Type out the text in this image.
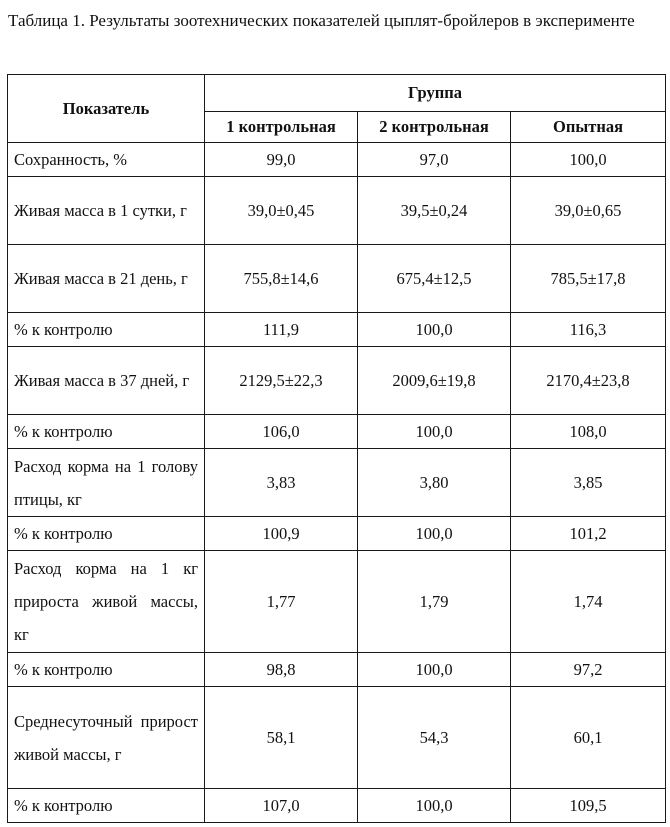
Таблица 1. Результаты зоотехнических показателей цыплят-бройлеров в эксперименте
Показатель	Группа		
	1 контрольная	2 контрольная	Опытная
Сохранность, %	99,0	97,0	100,0
Живая масса в 1 сутки, г	39,0±0,45	39,5±0,24	39,0±0,65
Живая масса в 21 день, г	755,8±14,6	675,4±12,5	785,5±17,8
% к контролю	111,9	100,0	116,3
Живая масса в 37 дней, г	2129,5±22,3	2009,6±19,8	2170,4±23,8
% к контролю	106,0	100,0	108,0
Расход корма на 1 голову птицы, кг	3,83	3,80	3,85
% к контролю	100,9	100,0	101,2
Расход корма на 1 кг прироста живой массы, кг	1,77	1,79	1,74
% к контролю	98,8	100,0	97,2
Среднесуточный прирост живой массы, г	58,1	54,3	60,1
% к контролю	107,0	100,0	109,5
